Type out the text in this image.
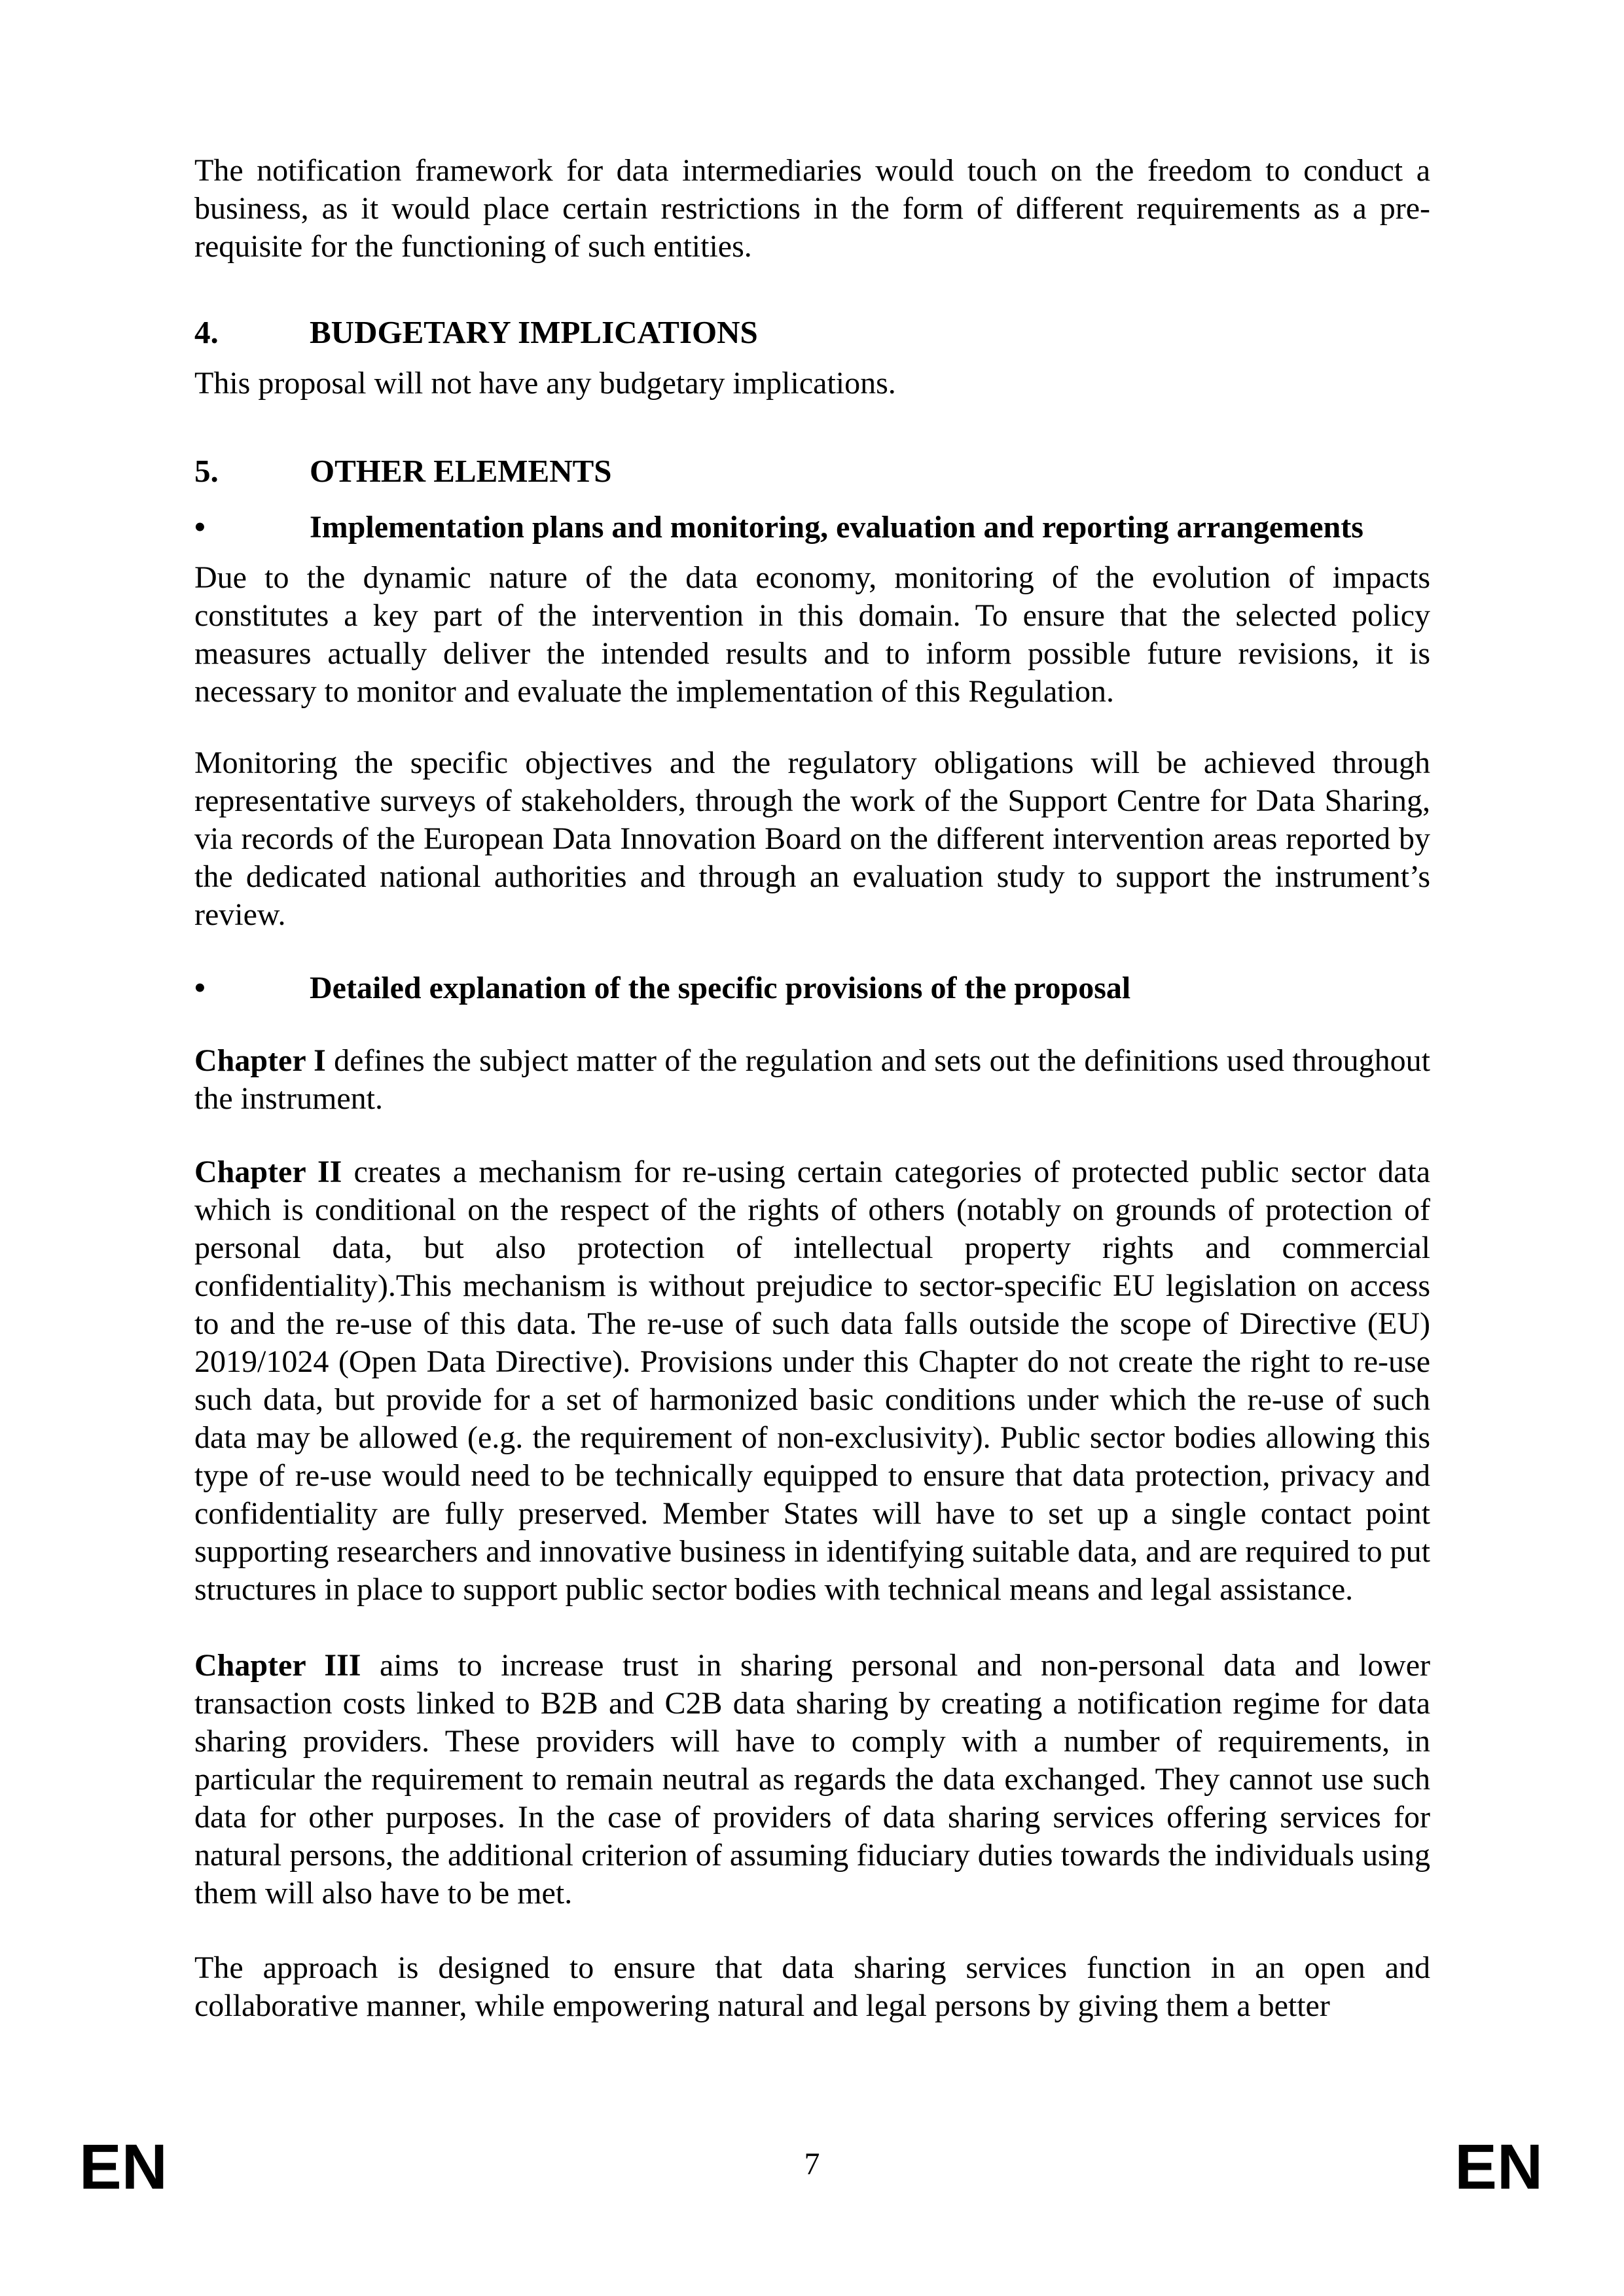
The notification framework for data intermediaries would touch on the freedom to conduct a business, as it would place certain restrictions in the form of different requirements as a pre-requisite for the functioning of such entities.

4.	BUDGETARY IMPLICATIONS

This proposal will not have any budgetary implications.

5.	OTHER ELEMENTS
•	Implementation plans and monitoring, evaluation and reporting arrangements

Due to the dynamic nature of the data economy, monitoring of the evolution of impacts constitutes a key part of the intervention in this domain. To ensure that the selected policy measures actually deliver the intended results and to inform possible future revisions, it is necessary to monitor and evaluate the implementation of this Regulation.

Monitoring the specific objectives and the regulatory obligations will be achieved through representative surveys of stakeholders, through the work of the Support Centre for Data Sharing, via records of the European Data Innovation Board on the different intervention areas reported by the dedicated national authorities and through an evaluation study to support the instrument’s review.

•	Detailed explanation of the specific provisions of the proposal

Chapter I defines the subject matter of the regulation and sets out the definitions used throughout the instrument.

Chapter II creates a mechanism for re-using certain categories of protected public sector data which is conditional on the respect of the rights of others (notably on grounds of protection of personal data, but also protection of intellectual property rights and commercial confidentiality).This mechanism is without prejudice to sector-specific EU legislation on access to and the re-use of this data. The re-use of such data falls outside the scope of Directive (EU) 2019/1024 (Open Data Directive). Provisions under this Chapter do not create the right to re-use such data, but provide for a set of harmonized basic conditions under which the re-use of such data may be allowed (e.g. the requirement of non-exclusivity). Public sector bodies allowing this type of re-use would need to be technically equipped to ensure that data protection, privacy and confidentiality are fully preserved. Member States will have to set up a single contact point supporting researchers and innovative business in identifying suitable data, and are required to put structures in place to support public sector bodies with technical means and legal assistance.

Chapter III aims to increase trust in sharing personal and non-personal data and lower transaction costs linked to B2B and C2B data sharing by creating a notification regime for data sharing providers. These providers will have to comply with a number of requirements, in particular the requirement to remain neutral as regards the data exchanged. They cannot use such data for other purposes. In the case of providers of data sharing services offering services for natural persons, the additional criterion of assuming fiduciary duties towards the individuals using them will also have to be met.

The approach is designed to ensure that data sharing services function in an open and collaborative manner, while empowering natural and legal persons by giving them a better

EN	7	EN
